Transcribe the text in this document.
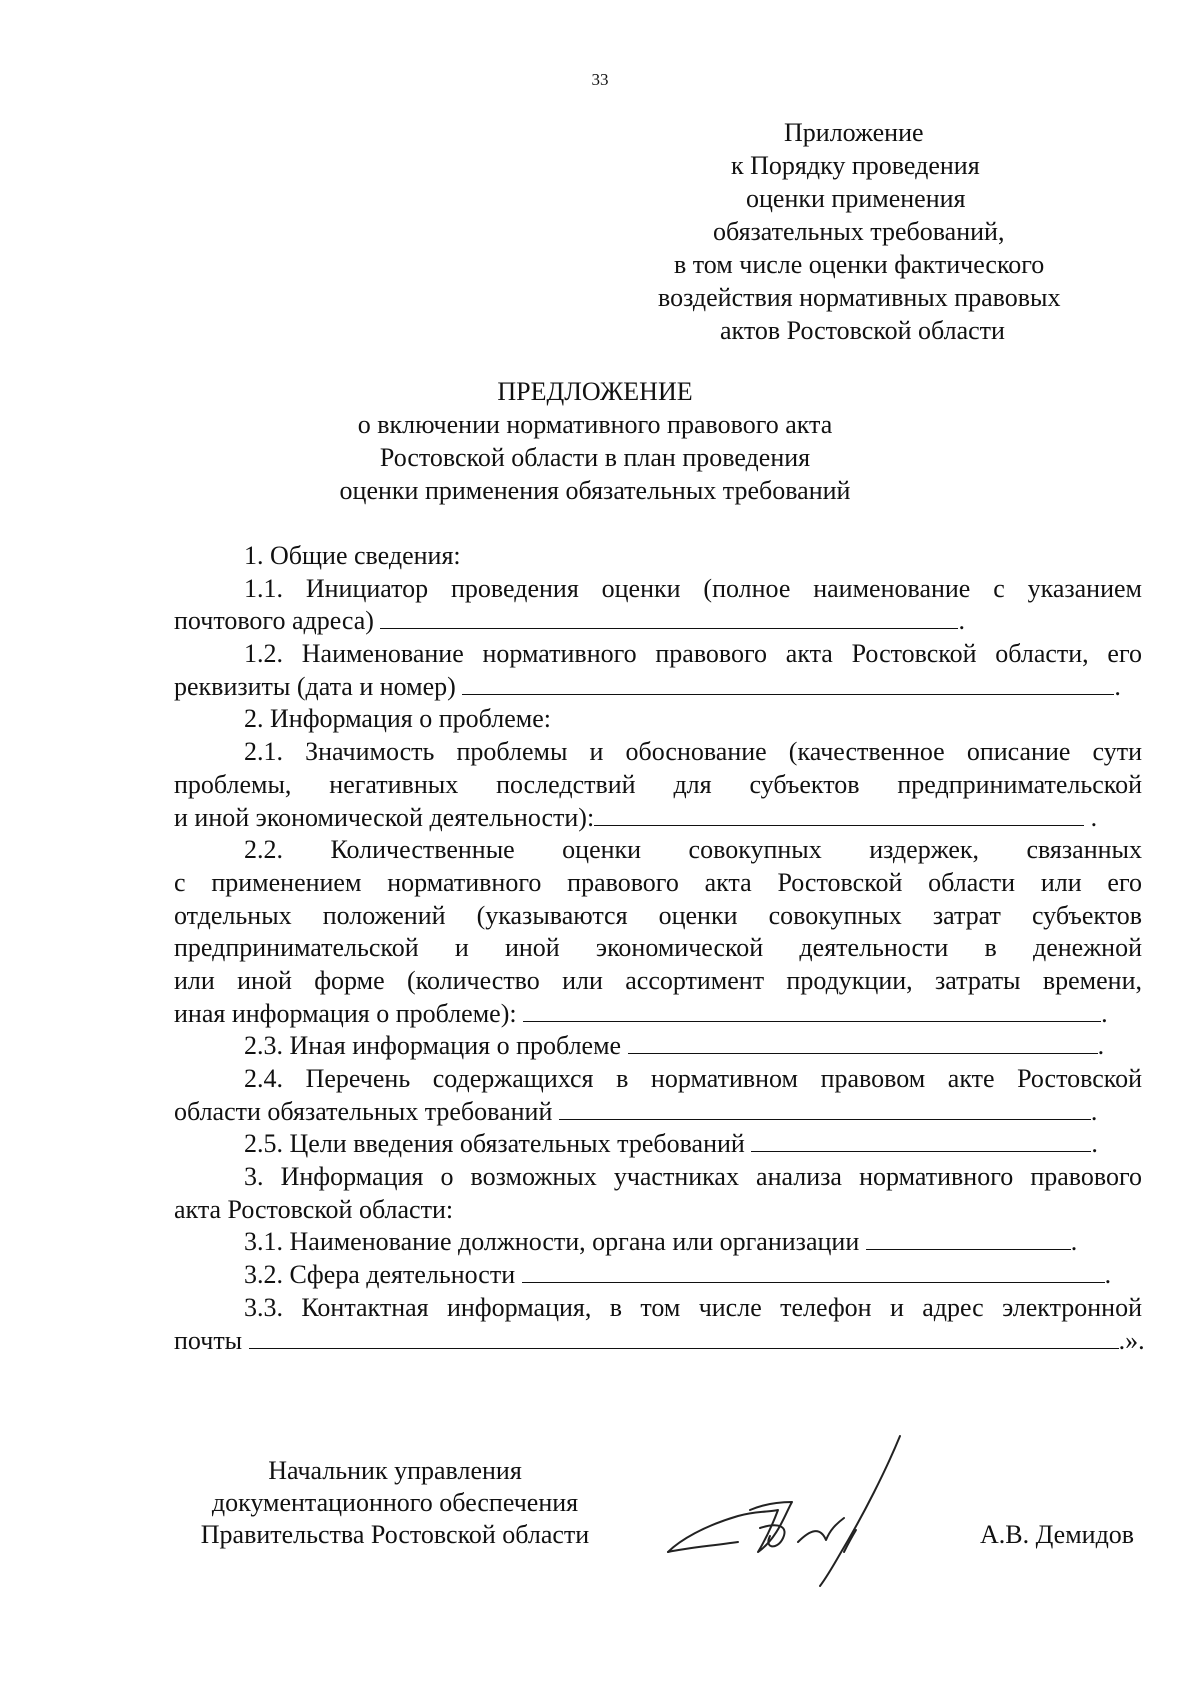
33
Приложение
к Порядку проведения
оценки применения
обязательных требований,
в том числе оценки фактического
воздействия нормативных правовых
актов Ростовской области
ПРЕДЛОЖЕНИЕ
о включении нормативного правового акта
Ростовской области в план проведения
оценки применения обязательных требований
1. Общие сведения:
1.1. Инициатор проведения оценки (полное наименование с указанием
почтового адреса)	.
1.2. Наименование нормативного правового акта Ростовской области, его
реквизиты (дата и номер)	.
2. Информация о проблеме:
2.1. Значимость проблемы и обоснование (качественное описание сути
проблемы, негативных последствий для субъектов предпринимательской
и иной экономической деятельности):	.
2.2. Количественные оценки совокупных издержек, связанных
с применением нормативного правового акта Ростовской области или его
отдельных положений (указываются оценки совокупных затрат субъектов
предпринимательской и иной экономической деятельности в денежной
или иной форме (количество или ассортимент продукции, затраты времени,
иная информация о проблеме):	.
2.3. Иная информация о проблеме	.
2.4. Перечень содержащихся в нормативном правовом акте Ростовской
области обязательных требований	.
2.5. Цели введения обязательных требований	.
3. Информация о возможных участниках анализа нормативного правового
акта Ростовской области:
3.1. Наименование должности, органа или организации	.
3.2. Сфера деятельности	.
3.3. Контактная информация, в том числе телефон и адрес электронной
почты	.».
Начальник управления
документационного обеспечения
Правительства Ростовской области	А.В. Демидов
